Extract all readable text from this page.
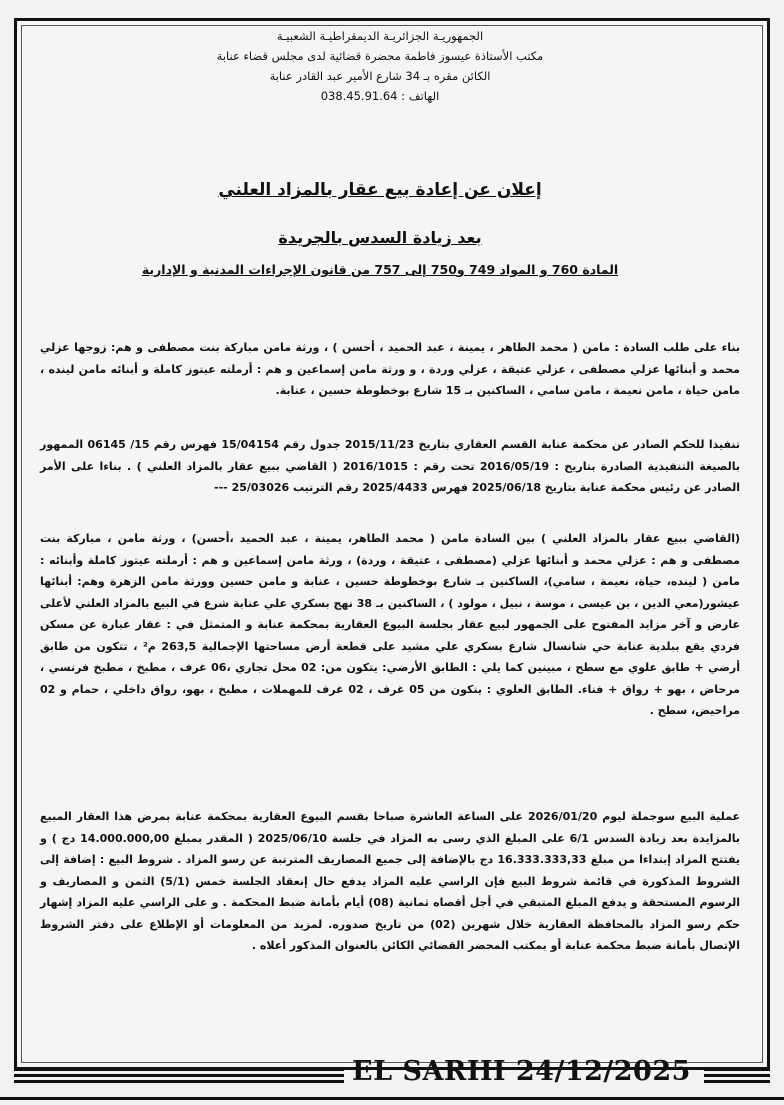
الجمهوريـة الجزائريـة الديمقراطيـة الشعبيـة
مكتب الأستاذة عيسوز فاطمة محضرة قضائية لدى مجلس قضاء عنابة
الكائن مقره بـ 34 شارع الأمير عبد القادر عنابة
الهاتف : 038.45.91.64
إعلان عن إعادة بيع عقار بالمزاد العلني
بعد زيادة السدس بالجريدة
المادة 760 و المواد 749 و750 إلى 757 من قانون الإجراءات المدنية و الإدارية
بناء على طلب السادة : مامن ( محمد الطاهر ، يمينة ، عبد الحميد ، أحسن ) ، ورثة مامن مباركة بنت مصطفى و هم: زوجها عزلي محمد و أبنائها عزلي مصطفى ، عزلي عتيقة ، عزلي وردة ، و ورثة مامن إسماعين و هم : أرملته عيتوز كاملة و أبنائه مامن لينده ، مامن حياة ، مامن نعيمة ، مامن سامي ، الساكنين بـ 15 شارع بوخطوطة حسين ، عنابة.
تنفيذا للحكم الصادر عن محكمة عنابة القسم العقاري بتاريخ 2015/11/23 جدول رقم 15/04154 فهرس رقم 15/ 06145 الممهور بالصيغة التنفيذية الصادرة بتاريخ : 2016/05/19 تحت رقم : 2016/1015 ( القاضي ببيع عقار بالمزاد العلني ) . بناءا على الأمر الصادر عن رئيس محكمة عنابة بتاريخ 2025/06/18 فهرس 2025/4433 رقم الترتيب 25/03026 ---
(القاضي ببيع عقار بالمزاد العلني ) بين السادة مامن ( محمد الطاهر، يمينة ، عبد الحميد ،أحسن) ، ورثة مامن ، مباركة بنت مصطفى و هم : عزلي محمد و أبنائها عزلي (مصطفى ، عتيقة ، وردة) ، ورثة مامن إسماعين و هم : أرملته عيتوز كاملة وأبنائه : مامن ( لينده، حياة، نعيمة ، سامي)، الساكنين بـ شارع بوخطوطة حسين ، عنابة و مامن حسين وورثة مامن الزهرة وهم: أبنائها عيشور(معي الدين ، بن عيسى ، موسة ، نبيل ، مولود ) ، الساكنين بـ 38 نهج بسكري علي عنابة شرع في البيع بالمزاد العلني لأعلى عارض و آخر مزايد المفتوح على الجمهور لبيع عقار بجلسة البيوع العقارية بمحكمة عنابة و المتمثل في : عقار عبارة عن مسكن فردي يقع ببلدية عنابة حي شانسال شارع بسكري علي مشيد على قطعة أرض مساحتها الإجمالية 263,5 م² ، تتكون من طابق أرضي + طابق علوي مع سطح ، مبينين كما يلي : الطابق الأرضي: يتكون من: 02 محل تجاري ،06 غرف ، مطبخ ، مطبخ فرنسي ، مرحاض ، بهو + رواق + فناء. الطابق العلوي : يتكون من 05 غرف ، 02 غرف للمهملات ، مطبخ ، بهو، رواق داخلي ، حمام و 02 مراحيض، سطح .
عملية البيع سوجملة ليوم 2026/01/20 على الساعة العاشرة صباحا بقسم البيوع العقارية بمحكمة عنابة بمرض هذا العقار المبيع بالمزايدة بعد زيادة السدس 6/1 على المبلغ الذي رسى به المزاد في جلسة 2025/06/10 ( المقدر بمبلغ 14.000.000,00 دج ) و يفتتح المزاد إبتداءا من مبلغ 16.333.333,33 دج بالإضافة إلى جميع المصاريف المترتبة عن رسو المزاد . شروط البيع : إضافة إلى الشروط المذكورة في قائمة شروط البيع فإن الراسي عليه المزاد يدفع حال إنعقاد الجلسة خمس (5/1) الثمن و المصاريف و الرسوم المستحقة و يدفع المبلغ المتبقي في أجل أقصاه ثمانية (08) أيام بأمانة ضبط المحكمة . و على الراسي عليه المزاد إشهار حكم رسو المزاد بالمحافظة العقارية خلال شهرين (02) من تاريخ صدوره. لمزيد من المعلومات أو الإطلاع على دفتر الشروط الإتصال بأمانة ضبط محكمة عنابة أو بمكتب المحضر القضائي الكائن بالعنوان المذكور أعلاه .
EL SARIH 24/12/2025
